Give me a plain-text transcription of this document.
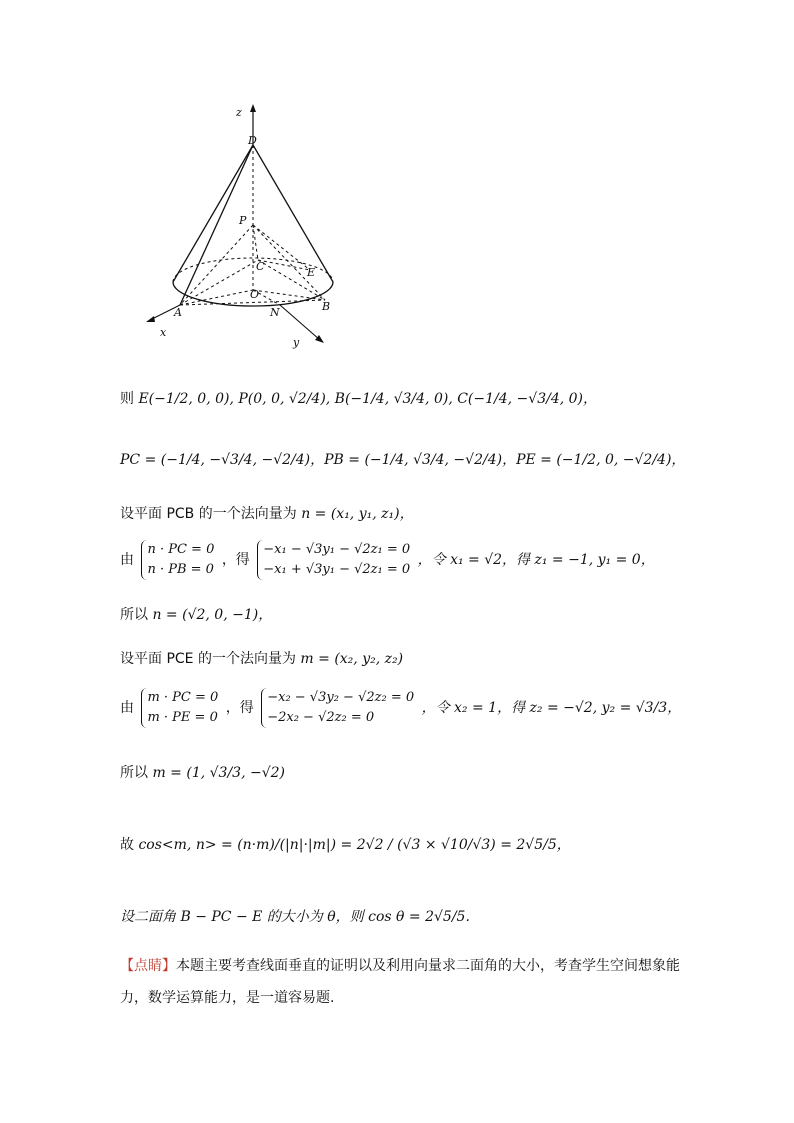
z
D
P
C	E
O
A	N	B
x
y
则 E(−1/2, 0, 0), P(0, 0, √2/4), B(−1/4, √3/4, 0), C(−1/4, −√3/4, 0)，
PC = (−1/4, −√3/4, −√2/4)，PB = (−1/4, √3/4, −√2/4)，PE = (−1/2, 0, −√2/4)，
设平面 PCB 的一个法向量为 n = (x₁, y₁, z₁)，
由
n · PC = 0
n · PB = 0
，得
−x₁ − √3y₁ − √2z₁ = 0
−x₁ + √3y₁ − √2z₁ = 0
，令 x₁ = √2，得 z₁ = −1, y₁ = 0，
所以 n = (√2, 0, −1)，
设平面 PCE 的一个法向量为 m = (x₂, y₂, z₂)
由
m · PC = 0
m · PE = 0
，得
−x₂ − √3y₂ − √2z₂ = 0
−2x₂ − √2z₂ = 0
，令 x₂ = 1，得 z₂ = −√2, y₂ = √3/3，
所以 m = (1, √3/3, −√2)
故 cos<m, n> = (n·m)/(|n|·|m|) = 2√2 / (√3 × √10/√3) = 2√5/5，
设二面角 B − PC − E 的大小为 θ，则 cos θ = 2√5/5.
【点睛】本题主要考查线面垂直的证明以及利用向量求二面角的大小，考查学生空间想象能力，数学运算能力，是一道容易题.
